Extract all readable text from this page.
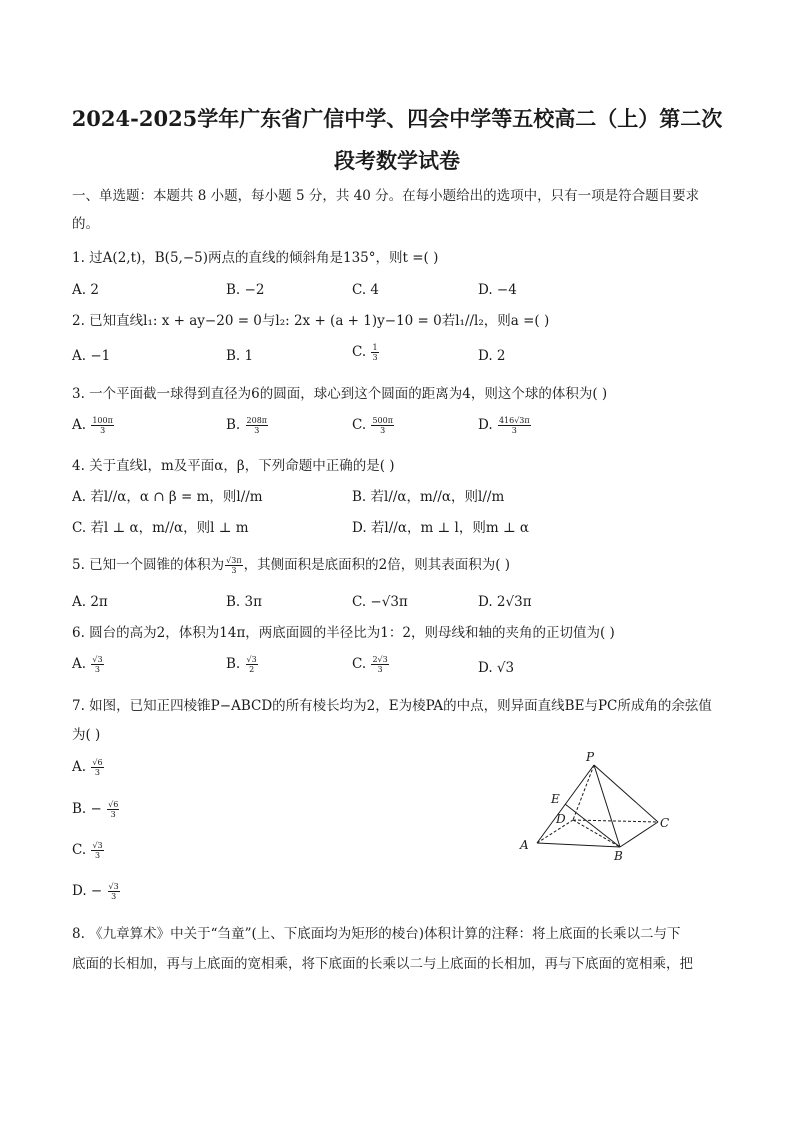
2024-2025学年广东省广信中学、四会中学等五校高二（上）第二次
段考数学试卷
一、单选题：本题共 8 小题，每小题 5 分，共 40 分。在每小题给出的选项中，只有一项是符合题目要求
的。
1. 过A(2,t)，B(5,−5)两点的直线的倾斜角是135°，则t =( )
A. 2	B. −2	C. 4	D. −4
2. 已知直线l₁: x + ay−20 = 0与l₂: 2x + (a + 1)y−10 = 0若l₁//l₂，则a =( )
A. −1	B. 1	C. $\frac{1}{3}$	D. 2
3. 一个平面截一球得到直径为6的圆面，球心到这个圆面的距离为4，则这个球的体积为( )
A. $\frac{100\pi}{3}$	B. $\frac{208\pi}{3}$	C. $\frac{500\pi}{3}$	D. $\frac{416√3\pi}{3}$
4. 关于直线l，m及平面α，β，下列命题中正确的是( )
A. 若l//α，α ∩ β = m，则l//m	B. 若l//α，m//α，则l//m
C. 若l ⊥ α，m//α，则l ⊥ m	D. 若l//α，m ⊥ l，则m ⊥ α
5. 已知一个圆锥的体积为 $\frac{√3\pi}{3}$ ，其侧面积是底面积的2倍，则其表面积为( )
A. 2π	B. 3π	C. −√3π	D. 2√3π
6. 圆台的高为2，体积为14π，两底面圆的半径比为1：2，则母线和轴的夹角的正切值为( )
A. $\frac{√3}{3}$	B. $\frac{√3}{2}$	C. $\frac{2√3}{3}$	D. √3
7. 如图，已知正四棱锥P−ABCD的所有棱长均为2，E为棱PA的中点，则异面直线BE与PC所成角的余弦值
为( )
A. $\frac{√6}{3}$
B. − $\frac{√6}{3}$
C. $\frac{√3}{3}$
D. − $\frac{√3}{3}$
P
E
D	C
A
B
8. 《九章算术》中关于“刍童”(上、下底面均为矩形的棱台)体积计算的注释：将上底面的长乘以二与下
底面的长相加，再与上底面的宽相乘，将下底面的长乘以二与上底面的长相加，再与下底面的宽相乘，把
